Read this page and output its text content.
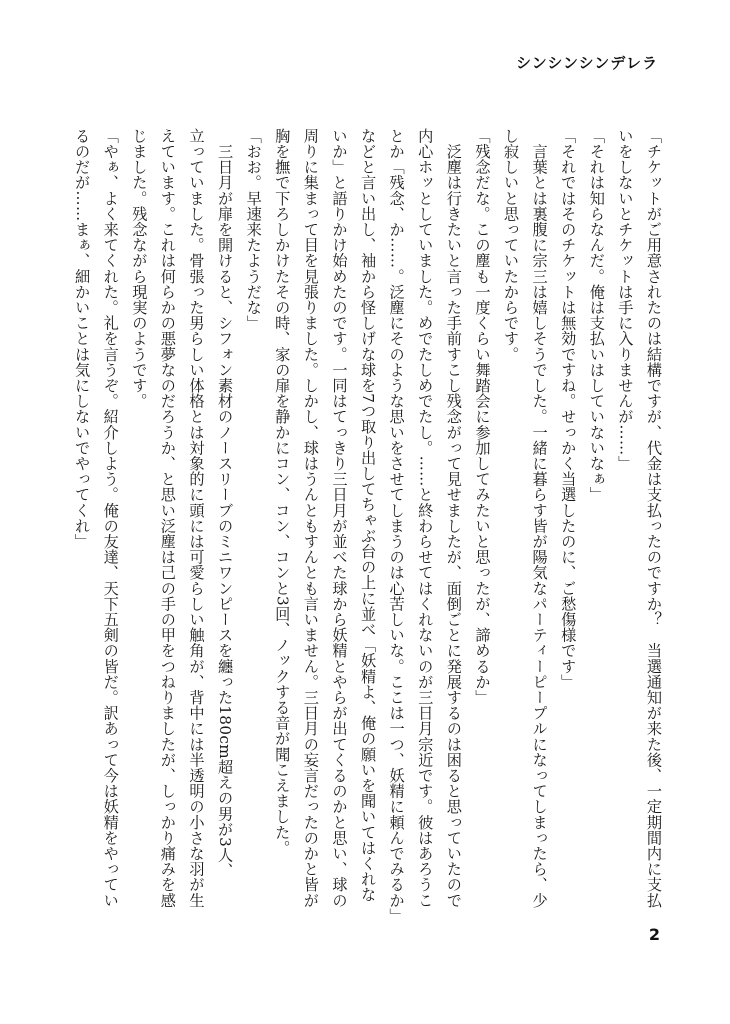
シンシンシンデレラ

「チケットがご用意されたのは結構ですが、代金は支払ったのですか？　当選通知が来た後、一定期間内に支払

いをしないとチケットは手に入りませんが……」

「それは知らなんだ。俺は支払いはしていないなぁ」

「それではそのチケットは無効ですね。せっかく当選したのに、ご愁傷様です」

　言葉とは裏腹に宗三は嬉しそうでした。一緒に暮らす皆が陽気なパーティーピープルになってしまったら、少

し寂しいと思っていたからです。

「残念だな。この塵も一度くらい舞踏会に参加してみたいと思ったが、諦めるか」

　泛塵は行きたいと言った手前すこし残念がって見せましたが、面倒ごとに発展するのは困ると思っていたので

内心ホッとしていました。めでたしめでたし。……と終わらせてはくれないのが三日月宗近です。彼はあろうこ

とか「残念、か……。泛塵にそのような思いをさせてしまうのは心苦しいな。ここは一つ、妖精に頼んでみるか」

などと言い出し、袖から怪しげな球を7つ取り出してちゃぶ台の上に並べ「妖精よ、俺の願いを聞いてはくれな

いか」と語りかけ始めたのです。一同はてっきり三日月が並べた球から妖精とやらが出てくるのかと思い、球の

周りに集まって目を見張りました。しかし、球はうんともすんとも言いません。三日月の妄言だったのかと皆が

胸を撫で下ろしかけたその時、家の扉を静かにコン、コン、コンと3回、ノックする音が聞こえました。

「おお。早速来たようだな」

　三日月が扉を開けると、シフォン素材のノースリーブのミニワンピースを纏った180cm超えの男が3人、

立っていました。骨張った男らしい体格とは対象的に頭には可愛らしい触角が、背中には半透明の小さな羽が生

えています。これは何らかの悪夢なのだろうか、と思い泛塵は己の手の甲をつねりましたが、しっかり痛みを感

じました。残念ながら現実のようです。

「やぁ、よく来てくれた。礼を言うぞ。紹介しよう。俺の友達、天下五剣の皆だ。訳あって今は妖精をやってい

るのだが……まぁ、細かいことは気にしないでやってくれ」

2
